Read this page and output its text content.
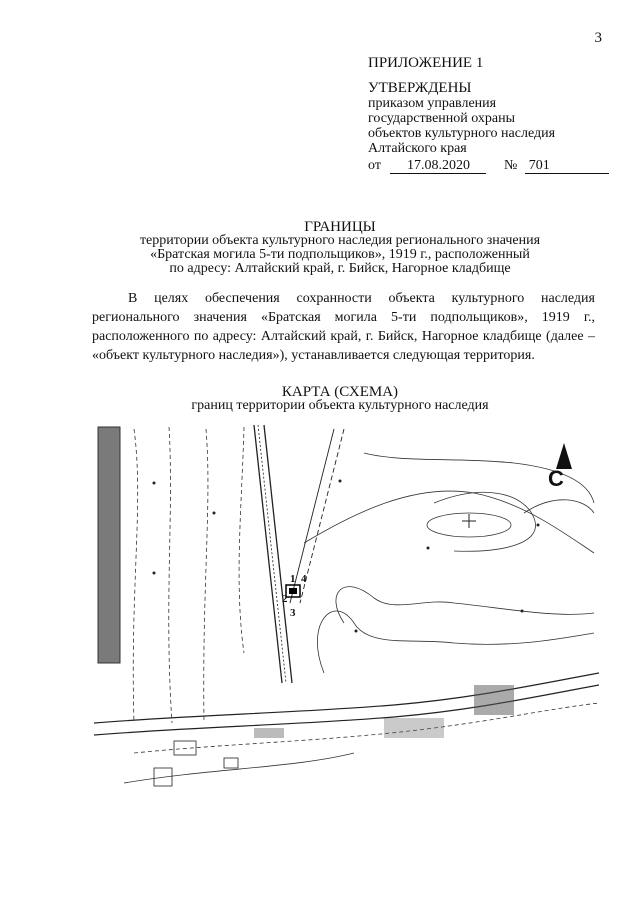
3
ПРИЛОЖЕНИЕ 1
УТВЕРЖДЕНЫ
приказом управления
государственной охраны
объектов культурного наследия
Алтайского края
от 17.08.2020 № 701
ГРАНИЦЫ
территории объекта культурного наследия регионального значения
«Братская могила 5-ти подпольщиков», 1919 г., расположенный
по адресу: Алтайский край, г. Бийск, Нагорное кладбище
В целях обеспечения сохранности объекта культурного наследия регионального значения «Братская могила 5-ти подпольщиков», 1919 г., расположенного по адресу: Алтайский край, г. Бийск, Нагорное кладбище (далее – «объект культурного наследия»), устанавливается следующая территория.
КАРТА (СХЕМА)
границ территории объекта культурного наследия
С
1
2
3
4
